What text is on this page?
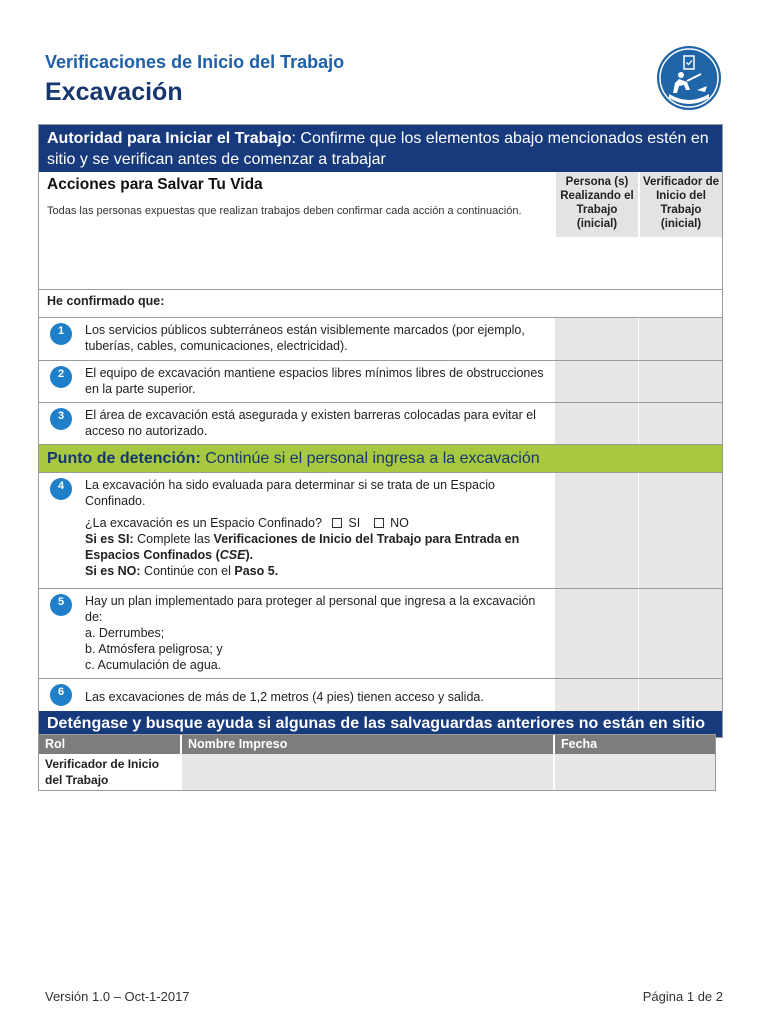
Verificaciones de Inicio del Trabajo
Excavación
Autoridad para Iniciar el Trabajo: Confirme que los elementos abajo mencionados estén en sitio y se verifican antes de comenzar a trabajar
Acciones para Salvar Tu Vida
Todas las personas expuestas que realizan trabajos deben confirmar cada acción a continuación.
Persona (s) Realizando el Trabajo (inicial)
Verificador de Inicio del Trabajo (inicial)
He confirmado que:
1	Los servicios públicos subterráneos están visiblemente marcados (por ejemplo, tuberías, cables, comunicaciones, electricidad).
2	El equipo de excavación mantiene espacios libres mínimos libres de obstrucciones en la parte superior.
3	El área de excavación está asegurada y existen barreras colocadas para evitar el acceso no autorizado.
Punto de detención: Continúe si el personal ingresa a la excavación
4	La excavación ha sido evaluada para determinar si se trata de un Espacio Confinado.
¿La excavación es un Espacio Confinado? SI NO
Si es SI: Complete las Verificaciones de Inicio del Trabajo para Entrada en Espacios Confinados (CSE).
Si es NO: Continúe con el Paso 5.
5	Hay un plan implementado para proteger al personal que ingresa a la excavación de:
a. Derrumbes;
b. Atmósfera peligrosa; y
c. Acumulación de agua.
6	Las excavaciones de más de 1,2 metros (4 pies) tienen acceso y salida.
Deténgase y busque ayuda si algunas de las salvaguardas anteriores no están en sitio
Rol	Nombre Impreso	Fecha
Verificador de Inicio del Trabajo
Versión 1.0 – Oct-1-2017	Página 1 de 2
